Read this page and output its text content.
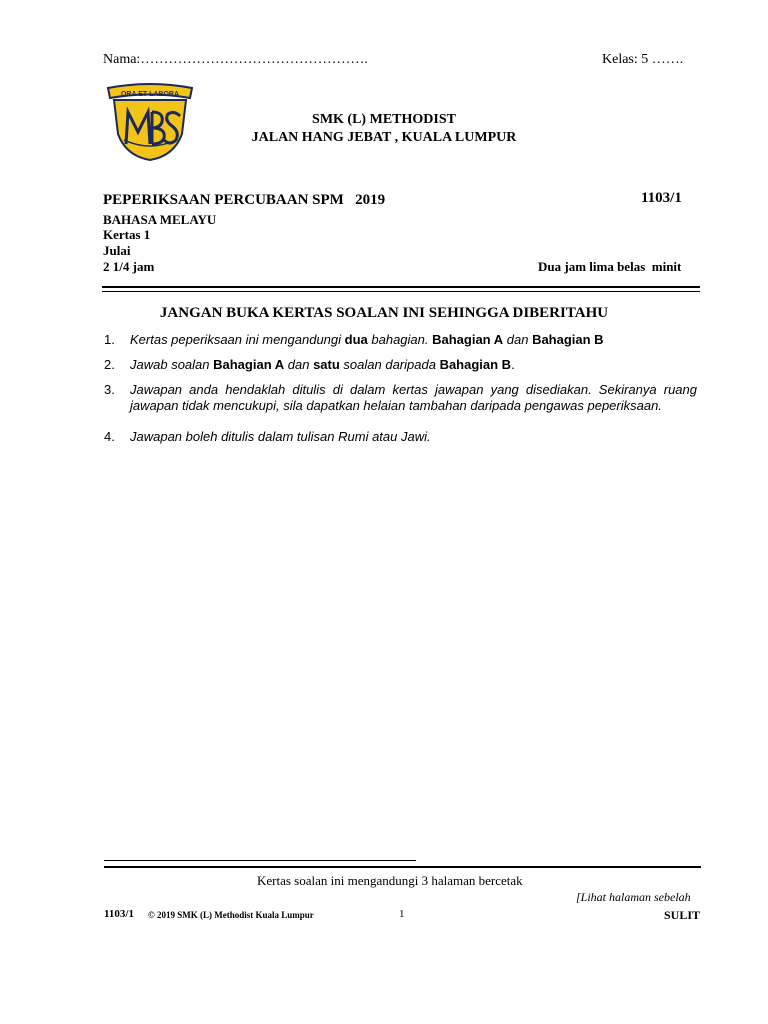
Nama:………………………………………….	Kelas: 5 …….
ORA ET LABORA
SMK (L) METHODIST
JALAN HANG JEBAT , KUALA LUMPUR
PEPERIKSAAN PERCUBAAN SPM   2019	1103/1
BAHASA MELAYU
Kertas 1
Julai
2 1/4 jam	Dua jam lima belas  minit
JANGAN BUKA KERTAS SOALAN INI SEHINGGA DIBERITAHU
1. Kertas peperiksaan ini mengandungi dua bahagian. Bahagian A dan Bahagian B
2. Jawab soalan Bahagian A dan satu soalan daripada Bahagian B.
3. Jawapan anda hendaklah ditulis di dalam kertas jawapan yang disediakan. Sekiranya ruang jawapan tidak mencukupi, sila dapatkan helaian tambahan daripada pengawas peperiksaan.
4. Jawapan boleh ditulis dalam tulisan Rumi atau Jawi.
Kertas soalan ini mengandungi 3 halaman bercetak
[Lihat halaman sebelah
1103/1 © 2019 SMK (L) Methodist Kuala Lumpur	1	SULIT
